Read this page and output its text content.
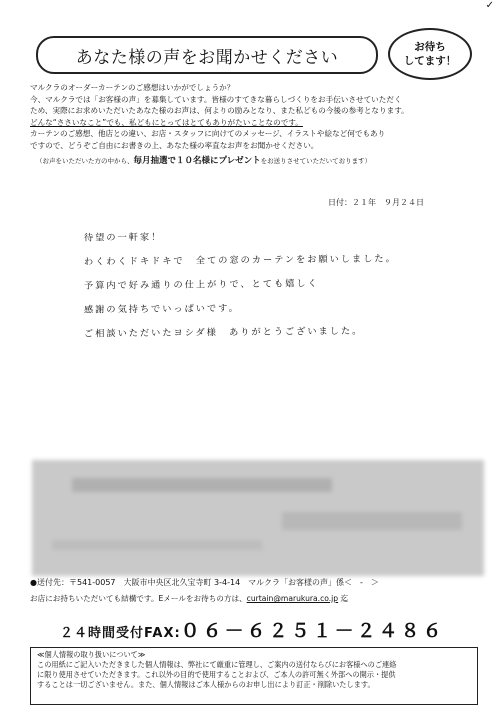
✓
あなた様の声をお聞かせください
お待ち
してます！

マルクラのオーダーカーテンのご感想はいかがでしょうか？

今、マルクラでは「お客様の声」を募集しています。皆様のすてきな暮らしづくりをお手伝いさせていただく

ため、実際にお求めいただいたあなた様のお声は、何よりの励みとなり、また私どもの今後の参考となります。

どんな“ささいなこと”でも、私どもにとってはとてもありがたいことなのです。

カーテンのご感想、他店との違い、お店・スタッフに向けてのメッセージ、イラストや絵など何でもあり

ですので、どうぞご自由にお書きの上、あなた様の率直なお声をお聞かせください。

（お声をいただいた方の中から、毎月抽選で１０名様にプレゼントをお送りさせていただいております）
日付：２１年　９月２４日

待望の一軒家！

わくわくドキドキで　全ての窓のカーテンをお願いしました。

予算内で好み通りの仕上がりで、とても嬉しく

感謝の気持ちでいっぱいです。

ご相談いただいたヨシダ様　ありがとうございました。

●送付先：〒541-0057　大阪市中央区北久宝寺町 3-4-14　マルクラ「お客様の声」係＜　-　＞
お店にお持ちいただいても結構です。Eメールをお待ちの方は、curtain@marukura.co.jp 迄
２４時間受付FAX:０６－６２５１－２４８６

≪個人情報の取り扱いについて≫

この用紙にご記入いただきました個人情報は、弊社にて厳重に管理し、ご案内の送付ならびにお客様へのご連絡

に限り使用させていただきます。これ以外の目的で使用することおよび、ご本人の許可無く外部への開示・提供

することは一切ございません。また、個人情報はご本人様からのお申し出により訂正・削除いたします。
